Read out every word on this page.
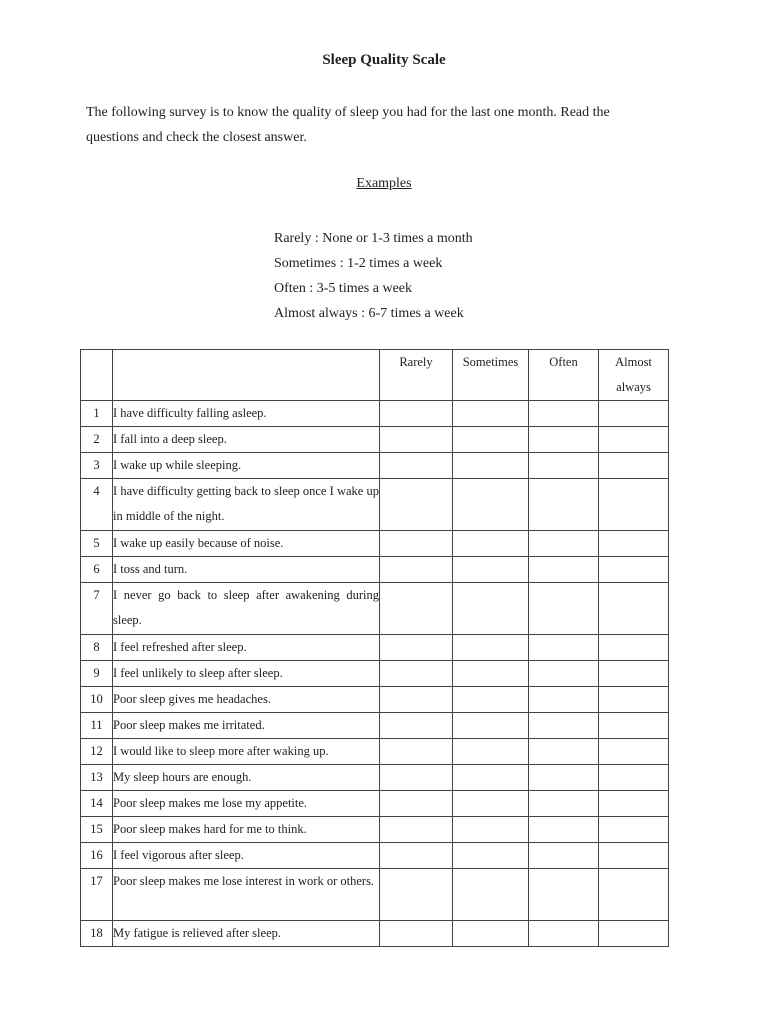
Sleep Quality Scale
The following survey is to know the quality of sleep you had for the last one month. Read the
questions and check the closest answer.
Examples
Rarely : None or 1-3 times a month
Sometimes : 1-2 times a week
Often : 3-5 times a week
Almost always : 6-7 times a week
		Rarely	Sometimes	Often	Almost always
1	I have difficulty falling asleep.				
2	I fall into a deep sleep.				
3	I wake up while sleeping.				
4	I have difficulty getting back to sleep once I wake up in middle of the night.				
5	I wake up easily because of noise.				
6	I toss and turn.				
7	I never go back to sleep after awakening during sleep.				
8	I feel refreshed after sleep.				
9	I feel unlikely to sleep after sleep.				
10	Poor sleep gives me headaches.				
11	Poor sleep makes me irritated.				
12	I would like to sleep more after waking up.				
13	My sleep hours are enough.				
14	Poor sleep makes me lose my appetite.				
15	Poor sleep makes hard for me to think.				
16	I feel vigorous after sleep.				
17	Poor sleep makes me lose interest in work or others.				
18	My fatigue is relieved after sleep.				
